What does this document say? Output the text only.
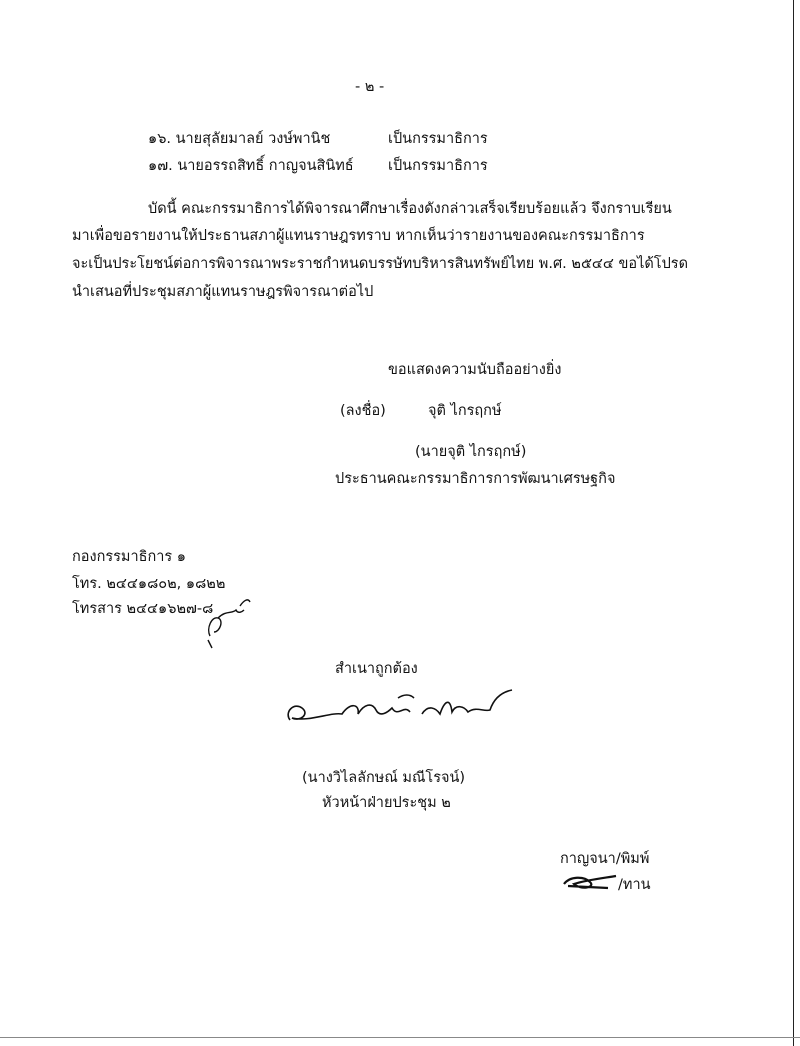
- ๒ -
๑๖. นายสุลัยมาลย์ วงษ์พานิช	เป็นกรรมาธิการ
๑๗. นายอรรถสิทธิ์ กาญจนสินิทธ์ เป็นกรรมาธิการ
บัดนี้ คณะกรรมาธิการได้พิจารณาศึกษาเรื่องดังกล่าวเสร็จเรียบร้อยแล้ว จึงกราบเรียน
มาเพื่อขอรายงานให้ประธานสภาผู้แทนราษฎรทราบ หากเห็นว่ารายงานของคณะกรรมาธิการ
จะเป็นประโยชน์ต่อการพิจารณาพระราชกำหนดบรรษัทบริหารสินทรัพย์ไทย พ.ศ. ๒๕๔๔ ขอได้โปรด
นำเสนอที่ประชุมสภาผู้แทนราษฎรพิจารณาต่อไป
ขอแสดงความนับถืออย่างยิ่ง
(ลงชื่อ)	จุติ ไกรฤกษ์
(นายจุติ ไกรฤกษ์)
ประธานคณะกรรมาธิการการพัฒนาเศรษฐกิจ
กองกรรมาธิการ ๑
โทร. ๒๔๔๑๘๐๒, ๑๘๒๒
โทรสาร ๒๔๔๑๖๒๗-๘
สำเนาถูกต้อง
(นางวิไลลักษณ์ มณีโรจน์)
หัวหน้าฝ่ายประชุม ๒
กาญจนา/พิมพ์
/ทาน
